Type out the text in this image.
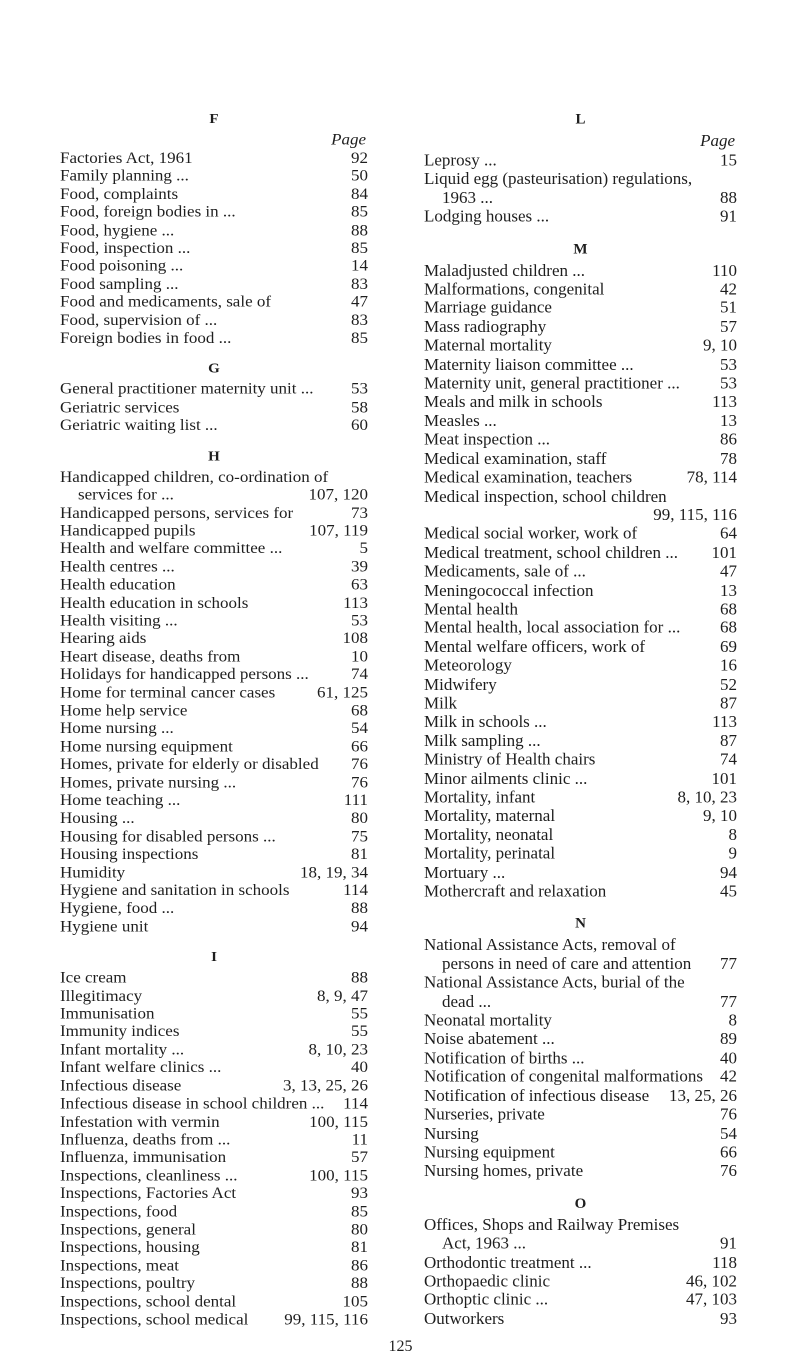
F
Page
Factories Act, 1961	92
Family planning ...	50
Food, complaints	84
Food, foreign bodies in ...	85
Food, hygiene ...	88
Food, inspection ...	85
Food poisoning ...	14
Food sampling ...	83
Food and medicaments, sale of	47
Food, supervision of ...	83
Foreign bodies in food ...	85
G
General practitioner maternity unit ... 53
Geriatric services	58
Geriatric waiting list ...	60
H
Handicapped children, co-ordination of
services for ...	107, 120
Handicapped persons, services for	73
Handicapped pupils	107, 119
Health and welfare committee ...	5
Health centres ...	39
Health education	63
Health education in schools	113
Health visiting ...	53
Hearing aids	108
Heart disease, deaths from	10
Holidays for handicapped persons ... 74
Home for terminal cancer cases 61, 125
Home help service	68
Home nursing ...	54
Home nursing equipment	66
Homes, private for elderly or disabled 76
Homes, private nursing ...	76
Home teaching ...	111
Housing ...	80
Housing for disabled persons ...	75
Housing inspections	81
Humidity	18, 19, 34
Hygiene and sanitation in schools	114
Hygiene, food ...	88
Hygiene unit	94
I
Ice cream	88
Illegitimacy	8, 9, 47
Immunisation	55
Immunity indices	55
Infant mortality ...	8, 10, 23
Infant welfare clinics ...	40
Infectious disease	3, 13, 25, 26
Infectious disease in school children ... 114
Infestation with vermin	100, 115
Influenza, deaths from ...	11
Influenza, immunisation	57
Inspections, cleanliness ...	100, 115
Inspections, Factories Act	93
Inspections, food	85
Inspections, general	80
Inspections, housing	81
Inspections, meat	86
Inspections, poultry	88
Inspections, school dental	105
Inspections, school medical 99, 115, 116
L
Page
Leprosy ...	15
Liquid egg (pasteurisation) regulations,
1963 ...	88
Lodging houses ...	91
M
Maladjusted children ...	110
Malformations, congenital	42
Marriage guidance	51
Mass radiography	57
Maternal mortality	9, 10
Maternity liaison committee ...	53
Maternity unit, general practitioner ... 53
Meals and milk in schools	113
Measles ...	13
Meat inspection ...	86
Medical examination, staff	78
Medical examination, teachers	78, 114
Medical inspection, school children
99, 115, 116
Medical social worker, work of	64
Medical treatment, school children ... 101
Medicaments, sale of ...	47
Meningococcal infection	13
Mental health	68
Mental health, local association for ... 68
Mental welfare officers, work of	69
Meteorology	16
Midwifery	52
Milk	87
Milk in schools ...	113
Milk sampling ...	87
Ministry of Health chairs	74
Minor ailments clinic ...	101
Mortality, infant	8, 10, 23
Mortality, maternal	9, 10
Mortality, neonatal	8
Mortality, perinatal	9
Mortuary ...	94
Mothercraft and relaxation	45
N
National Assistance Acts, removal of
persons in need of care and attention 77
National Assistance Acts, burial of the
dead ...	77
Neonatal mortality	8
Noise abatement ...	89
Notification of births ...	40
Notification of congenital malformations 42
Notification of infectious disease 13, 25, 26
Nurseries, private	76
Nursing	54
Nursing equipment	66
Nursing homes, private	76
O
Offices, Shops and Railway Premises
Act, 1963 ...	91
Orthodontic treatment ...	118
Orthopaedic clinic	46, 102
Orthoptic clinic ...	47, 103
Outworkers	93
125
